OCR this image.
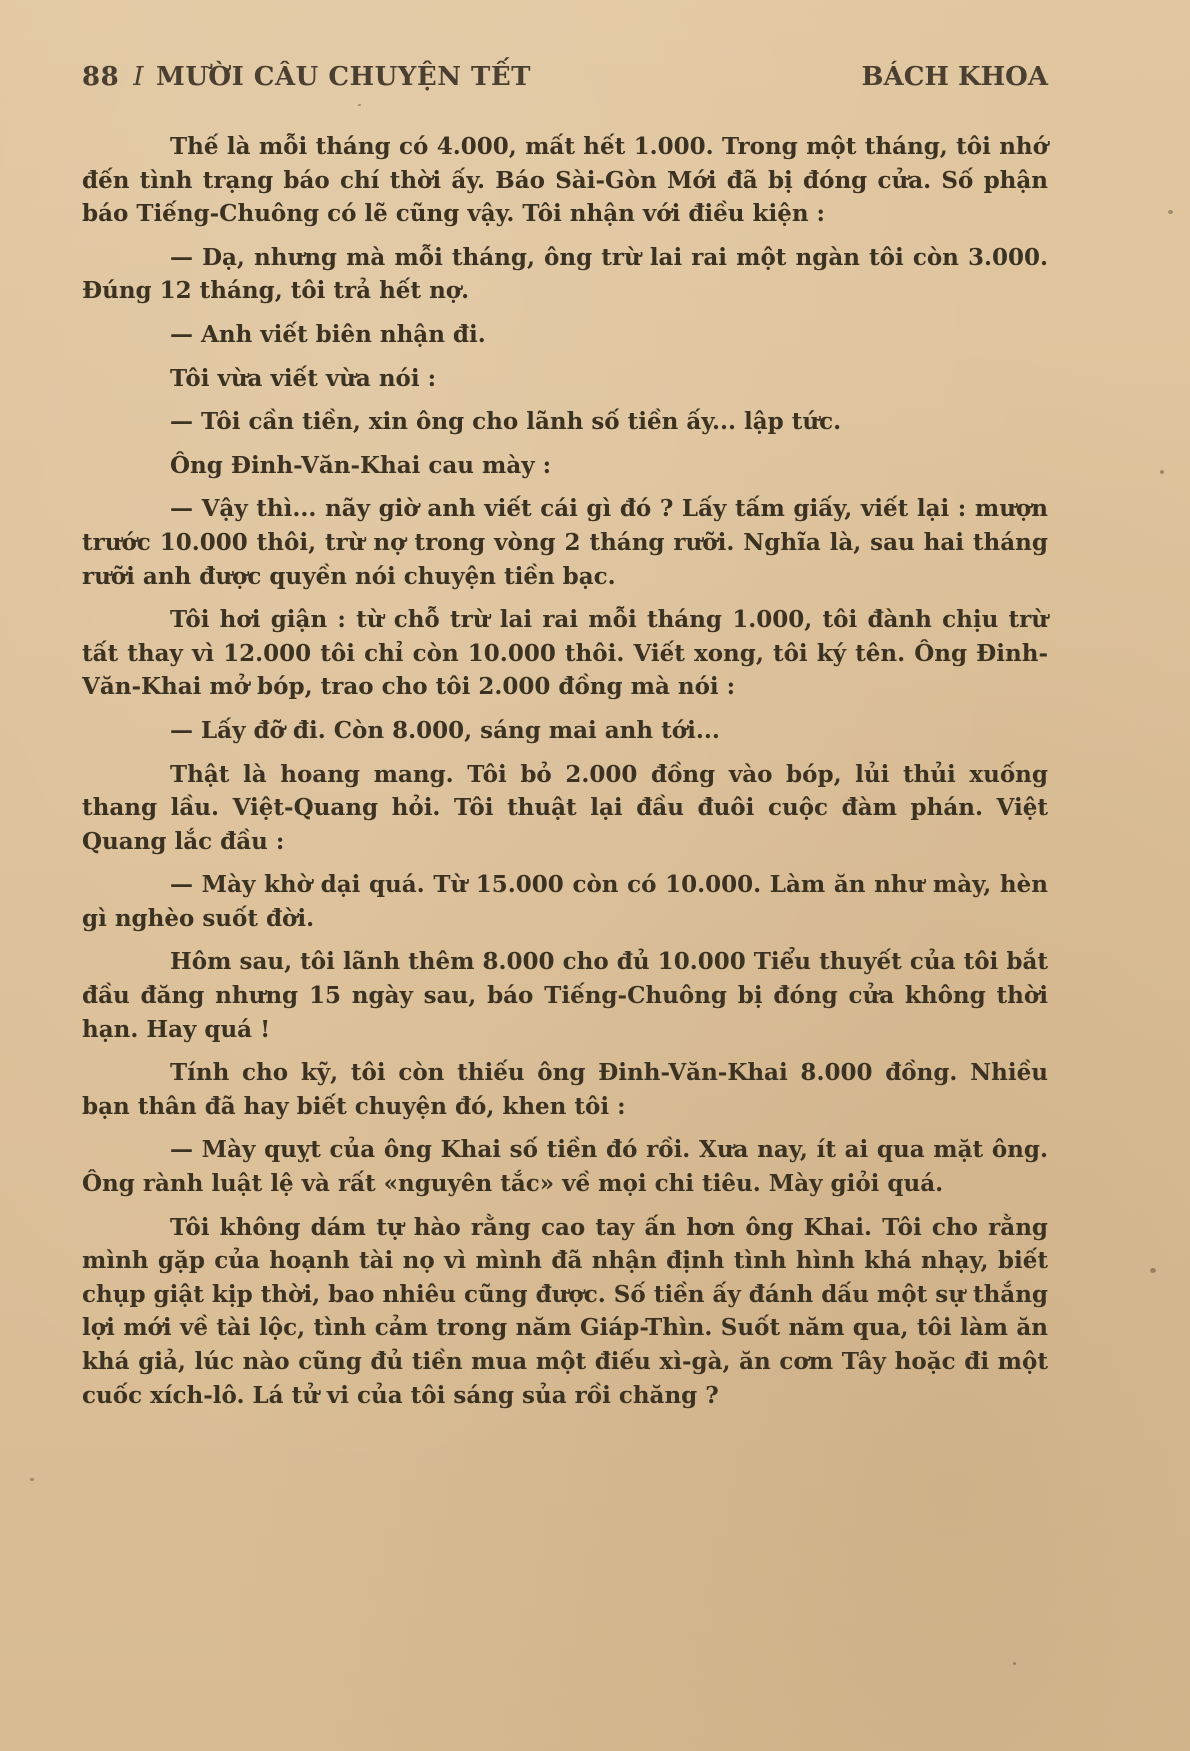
88 I MƯỜI CÂU CHUYỆN TẾT	BÁCH KHOA

Thế là mỗi tháng có 4.000, mất hết 1.000. Trong một tháng, tôi nhớ đến tình trạng báo chí thời ấy. Báo Sài-Gòn Mới đã bị đóng cửa. Số phận báo Tiếng-Chuông có lẽ cũng vậy. Tôi nhận với điều kiện :

— Dạ, nhưng mà mỗi tháng, ông trừ lai rai một ngàn tôi còn 3.000. Đúng 12 tháng, tôi trả hết nợ.

— Anh viết biên nhận đi.

Tôi vừa viết vừa nói :

— Tôi cần tiền, xin ông cho lãnh số tiền ấy... lập tức.

Ông Đinh-Văn-Khai cau mày :

— Vậy thì... nãy giờ anh viết cái gì đó ? Lấy tấm giấy, viết lại : mượn trước 10.000 thôi, trừ nợ trong vòng 2 tháng rưỡi. Nghĩa là, sau hai tháng rưỡi anh được quyền nói chuyện tiền bạc.

Tôi hơi giận : từ chỗ trừ lai rai mỗi tháng 1.000, tôi đành chịu trừ tất thay vì 12.000 tôi chỉ còn 10.000 thôi. Viết xong, tôi ký tên. Ông Đinh-Văn-Khai mở bóp, trao cho tôi 2.000 đồng mà nói :

— Lấy đỡ đi. Còn 8.000, sáng mai anh tới...

Thật là hoang mang. Tôi bỏ 2.000 đồng vào bóp, lủi thủi xuống thang lầu. Việt-Quang hỏi. Tôi thuật lại đầu đuôi cuộc đàm phán. Việt Quang lắc đầu :

— Mày khờ dại quá. Từ 15.000 còn có 10.000. Làm ăn như mày, hèn gì nghèo suốt đời.

Hôm sau, tôi lãnh thêm 8.000 cho đủ 10.000 Tiểu thuyết của tôi bắt đầu đăng nhưng 15 ngày sau, báo Tiếng-Chuông bị đóng cửa không thời hạn. Hay quá !

Tính cho kỹ, tôi còn thiếu ông Đinh-Văn-Khai 8.000 đồng. Nhiều bạn thân đã hay biết chuyện đó, khen tôi :

— Mày quỵt của ông Khai số tiền đó rồi. Xưa nay, ít ai qua mặt ông. Ông rành luật lệ và rất «nguyên tắc» về mọi chi tiêu. Mày giỏi quá.

Tôi không dám tự hào rằng cao tay ấn hơn ông Khai. Tôi cho rằng mình gặp của hoạnh tài nọ vì mình đã nhận định tình hình khá nhạy, biết chụp giật kịp thời, bao nhiêu cũng được. Số tiền ấy đánh dấu một sự thắng lợi mới về tài lộc, tình cảm trong năm Giáp-Thìn. Suốt năm qua, tôi làm ăn khá giả, lúc nào cũng đủ tiền mua một điếu xì-gà, ăn cơm Tây hoặc đi một cuốc xích-lô. Lá tử vi của tôi sáng sủa rồi chăng ?
